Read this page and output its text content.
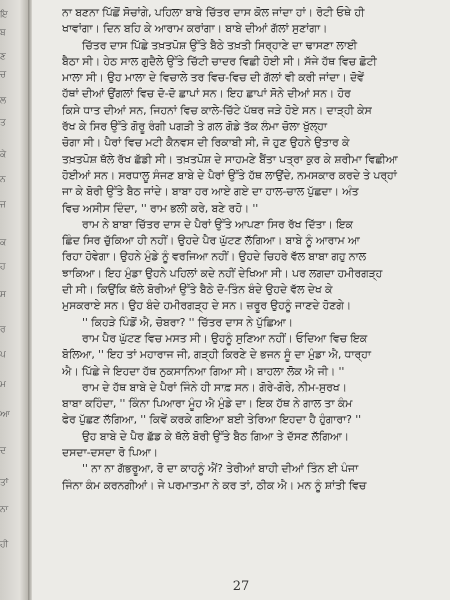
ਇ
ਬ
ਣ
ਚ
ਲ
ਤ
ਕੇ
ਨ
ਜ
ਕ
ਹ
ਸ
ਰ
ਪ
ਮ
ਆ
ਦ
ਤਾਂ
ਨਾ
ਹੀ
ਨਾ ਬਣਨਾ ਪਿੱਛੋਂ ਸੋਚਾਂਗੇ, ਪਹਿਲਾ ਬਾਬੇ ਚਿੱਤਰ ਦਾਸ ਕੋਲ ਜਾਂਦਾ ਹਾਂ। ਰੋਟੀ ਓਥੇ ਹੀ
ਖਾਵਾਂਗਾ। ਦਿਨ ਬਹਿ ਕੇ ਆਰਾਮ ਕਰਾਂਗਾ। ਬਾਬੇ ਦੀਆਂ ਗੱਲਾਂ ਸੁਣਾਂਗਾ।
ਚਿੱਤਰ ਦਾਸ ਪਿੱਛੇ ਤਖ਼ਤਪੋਸ਼ ਉੱਤੇ ਬੈਠੇ ਤਖ਼ਤੀ ਸਿਰ੍ਹਾਣੇ ਦਾ ਢਾਸਣਾ ਲਾਈ
ਬੈਠਾ ਸੀ। ਹੇਠ ਸਾਲ ਗੁਦੈਲੇ ਉੱਤੇ ਚਿੱਟੀ ਚਾਦਰ ਵਿਛੀ ਹੋਈ ਸੀ। ਸੱਜੇ ਹੱਥ ਵਿਚ ਛੋਟੀ
ਮਾਲਾ ਸੀ। ਉਹ ਮਾਲਾ ਦੇ ਵਿਚਾਲੇ ਤਰ ਵਿਚ-ਵਿਚ ਦੀ ਗੱਲਾਂ ਵੀ ਕਰੀ ਜਾਂਦਾ। ਦੋਵੇਂ
ਹੱਥਾਂ ਦੀਆਂ ਉਂਗਲਾਂ ਵਿਚ ਦੋ-ਦੋ ਛਾਪਾਂ ਸਨ। ਇਹ ਛਾਪਾਂ ਸੋਨੇ ਦੀਆਂ ਸਨ। ਹੋਰ
ਕਿਸੇ ਧਾਤ ਦੀਆਂ ਸਨ, ਜਿਹਨਾਂ ਵਿਚ ਕਾਲੇ-ਚਿੱਟੇ ਪੱਥਰ ਜੜੇ ਹੋਏ ਸਨ। ਦਾੜ੍ਹੀ ਕੇਸ
ਰੱਖ ਕੇ ਸਿਰ ਉੱਤੇ ਗੋਰੂ ਰੰਗੀ ਪਗੜੀ ਤੇ ਗਲ ਗੋਡੇ ਤੱਕ ਲੰਮਾ ਚੋਲਾ ਖੁੱਲ੍ਹਾ
ਚੋਗਾ ਸੀ। ਪੈਰਾਂ ਵਿਚ ਮਟੀ ਕੈਨਵਸ ਦੀ ਰਿਕਾਬੀ ਸੀ, ਜੋ ਹੁਣ ਉਹਨੇ ਉਤਾਰ ਕੇ
ਤਖ਼ਤਪੋਸ਼ ਥੱਲੇ ਰੱਖ ਛੱਡੀ ਸੀ। ਤਖ਼ਤਪੋਸ਼ ਦੇ ਸਾਹਮਣੇ ਬੈਂਤਾ ਪਤ੍ਰਾ ਕੁਰ ਕੇ ਸ਼ਰੀਮਾ ਵਿਛੀਆ
ਹੋਈਆਂ ਸਨ। ਸਰਧਾਲੂ ਸੰਜਣ ਬਾਬੇ ਦੇ ਪੈਰਾਂ ਉੱਤੇ ਹੱਥ ਲਾਉਂਦੇ, ਨਮਸਕਾਰ ਕਰਦੇ ਤੇ ਪਰ੍ਹਾਂ
ਜਾ ਕੇ ਬੋਰੀ ਉੱਤੇ ਬੈਠ ਜਾਂਦੇ। ਬਾਬਾ ਹਰ ਆਏ ਗਏ ਦਾ ਹਾਲ-ਚਾਲ ਪੁੱਛਦਾ। ਅੰਤ
ਵਿਚ ਅਸੀਸ ਦਿੰਦਾ, '' ਰਾਮ ਭਲੀ ਕਰੇ, ਬਣੇ ਰਹੋ। ''
ਰਾਮ ਨੇ ਬਾਬਾ ਚਿੱਤਰ ਦਾਸ ਦੇ ਪੈਰਾਂ ਉੱਤੇ ਆਪਣਾ ਸਿਰ ਰੱਖ ਦਿੱਤਾ। ਇਕ
ਛਿੰਦ ਸਿਰ ਚੁੱਕਿਆ ਹੀ ਨਹੀਂ। ਉਹਦੇ ਪੈਰ ਘੁੱਟਣ ਲੱਗਿਆ। ਬਾਬੇ ਨੂੰ ਆਰਾਮ ਆ
ਰਿਹਾ ਹੋਵੇਗਾ। ਉਹਨੇ ਮੁੰਡੇ ਨੂੰ ਵਰਜਿਆ ਨਹੀਂ। ਉਹਦੇ ਚਿਹਰੇ ਵੱਲ ਬਾਬਾ ਗਹੁ ਨਾਲ
ਝਾਕਿਆ। ਇਹ ਮੁੰਡਾ ਉਹਨੇ ਪਹਿਲਾਂ ਕਦੇ ਨਹੀਂ ਦੇਖਿਆ ਸੀ। ਪਰ ਲਗਦਾ ਹਮੀਰਗੜ੍ਹ
ਦੀ ਸੀ। ਕਿਉਂਕਿ ਥੱਲੇ ਬੋਰੀਆਂ ਉੱਤੇ ਬੈਠੇ ਦੋ-ਤਿੰਨ ਬੰਦੇ ਉਹਦੇ ਵੱਲ ਦੇਖ ਕੇ
ਮੁਸਕਰਾਏ ਸਨ। ਉਹ ਬੰਦੇ ਹਮੀਰਗੜ੍ਹ ਦੇ ਸਨ। ਜ਼ਰੂਰ ਉਹਨੂੰ ਜਾਣਦੇ ਹੋਣਗੇ।
'' ਕਿਹੜੇ ਪਿੰਡੋਂ ਐ, ਚੋਬਰਾ? '' ਚਿੱਤਰ ਦਾਸ ਨੇ ਪੁੱਛਿਆ।
ਰਾਮ ਪੈਰ ਘੁੱਟਣ ਵਿਚ ਮਸਤ ਸੀ। ਉਹਨੂੰ ਸੁਣਿਆ ਨਹੀਂ। ਓਦਿਆ ਵਿਚ ਇਕ
ਬੋਲਿਆ, '' ਇਹ ਤਾਂ ਮਹਾਰਾਜ ਜੀ, ਗੜ੍ਹੀ ਕਿਰਣੇ ਦੇ ਭਜਨ ਸੂੰ ਦਾ ਮੁੰਡਾ ਐ, ਧਾਰ੍ਹਾ
ਐ। ਪਿੱਛੇ ਜੇ ਇਹਦਾ ਹੱਥ ਨੁਕਸਾਨਿਆ ਗਿਆ ਸੀ। ਬਾਹਲਾ ਲੋਕ ਐ ਜੀ। ''
ਰਾਮ ਦੇ ਹੱਥ ਬਾਬੇ ਦੇ ਪੈਰਾਂ ਜਿੰਨੇ ਹੀ ਸਾਫ਼ ਸਨ। ਗੋਰੇ-ਗੋਰੇ, ਨੀਮ-ਸੁਰਖ।
ਬਾਬਾ ਕਹਿੰਦਾ, '' ਕਿੰਨਾ ਪਿਆਰਾ ਮੂੰਹ ਐ ਮੁੰਡੇ ਦਾ। ਇਕ ਹੱਥ ਨੇ ਗਾਲ ਤਾ ਕੰਮ
ਫੇਰ ਪੁੱਛਣ ਲੱਗਿਆ, '' ਕਿਵੇਂ ਕਰਕੇ ਗਇਆ ਬਈ ਤੇਰਿਆ ਇਹਦਾ ਹੈ ਹੁੰਗਾਰਾ? ''
ਉਹ ਬਾਬੇ ਦੇ ਪੈਰ ਛੱਡ ਕੇ ਥੱਲੇ ਬੋਰੀ ਉੱਤੇ ਬੈਠ ਗਿਆ ਤੇ ਦੱਸਣ ਲੱਗਿਆ।
ਦਸਦਾ-ਦਸਦਾ ਰੋ ਪਿਆ।
'' ਨਾ ਨਾ ਗੱਭਰੂਆ, ਰੋ ਦਾ ਕਾਹਨੂੰ ਐਂ? ਤੇਰੀਆਂ ਬਾਹੀ ਦੀਆਂ ਤਿੰਨ ਈ ਪੰਜਾ
ਜਿੰਨਾ ਕੰਮ ਕਰਨਗੀਆਂ। ਜੇ ਪਰਮਾਤਮਾ ਨੇ ਕਰ ਤਾਂ, ਠੀਕ ਐ। ਮਨ ਨੂੰ ਸ਼ਾਂਤੀ ਵਿਚ
27
